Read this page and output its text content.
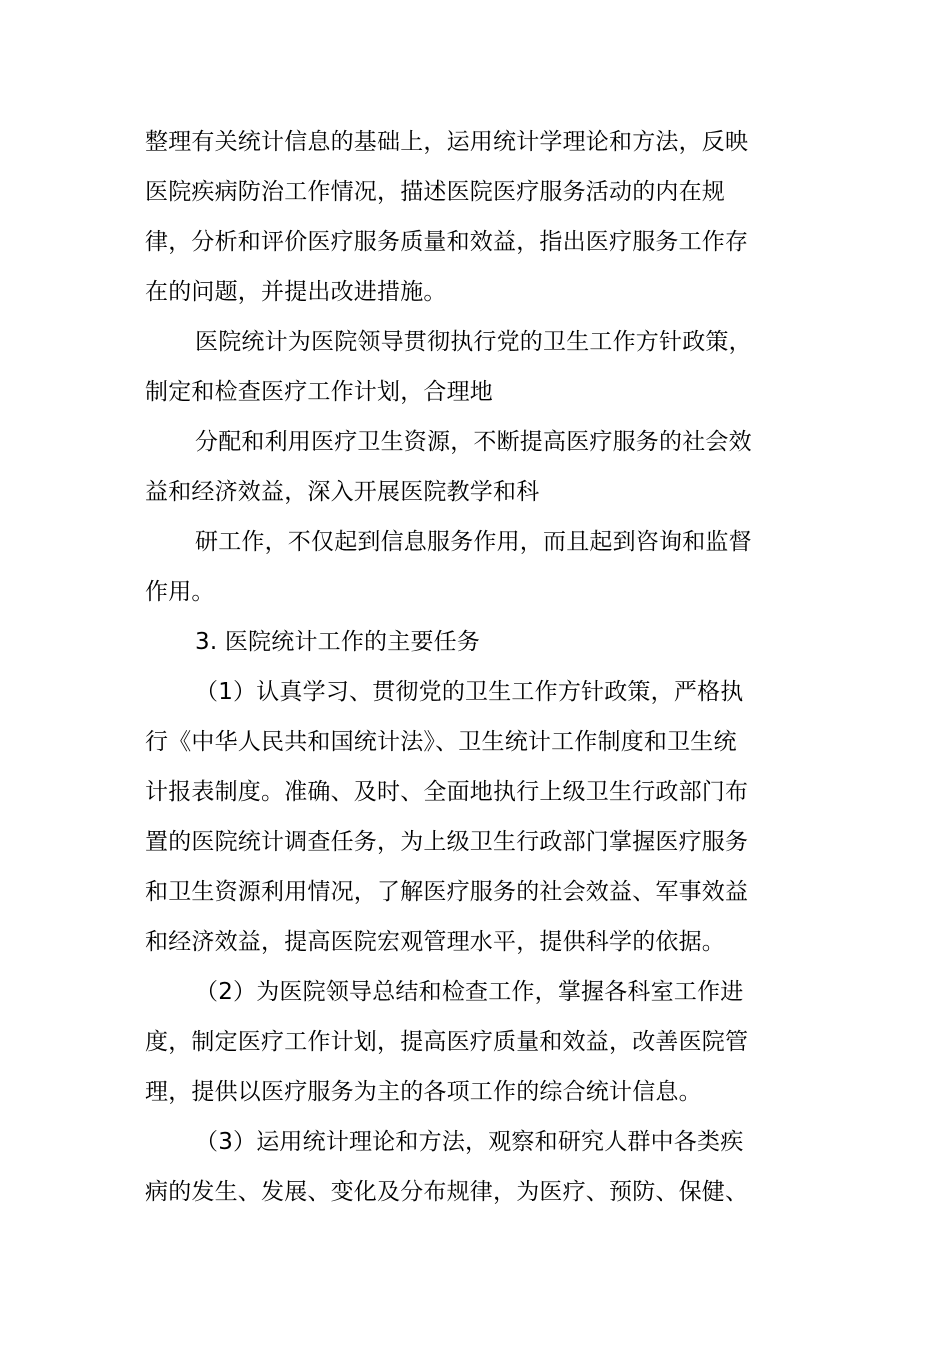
整理有关统计信息的基础上，运用统计学理论和方法，反映
医院疾病防治工作情况，描述医院医疗服务活动的内在规
律，分析和评价医疗服务质量和效益，指出医疗服务工作存
在的问题，并提出改进措施。
医院统计为医院领导贯彻执行党的卫生工作方针政策，
制定和检查医疗工作计划，合理地
分配和利用医疗卫生资源，不断提高医疗服务的社会效
益和经济效益，深入开展医院教学和科
研工作，不仅起到信息服务作用，而且起到咨询和监督
作用。
3. 医院统计工作的主要任务
（1）认真学习、贯彻党的卫生工作方针政策，严格执
行《中华人民共和国统计法》、卫生统计工作制度和卫生统
计报表制度。准确、及时、全面地执行上级卫生行政部门布
置的医院统计调查任务，为上级卫生行政部门掌握医疗服务
和卫生资源利用情况，了解医疗服务的社会效益、军事效益
和经济效益，提高医院宏观管理水平，提供科学的依据。
（2）为医院领导总结和检查工作，掌握各科室工作进
度，制定医疗工作计划，提高医疗质量和效益，改善医院管
理，提供以医疗服务为主的各项工作的综合统计信息。
（3）运用统计理论和方法，观察和研究人群中各类疾
病的发生、发展、变化及分布规律，为医疗、预防、保健、
